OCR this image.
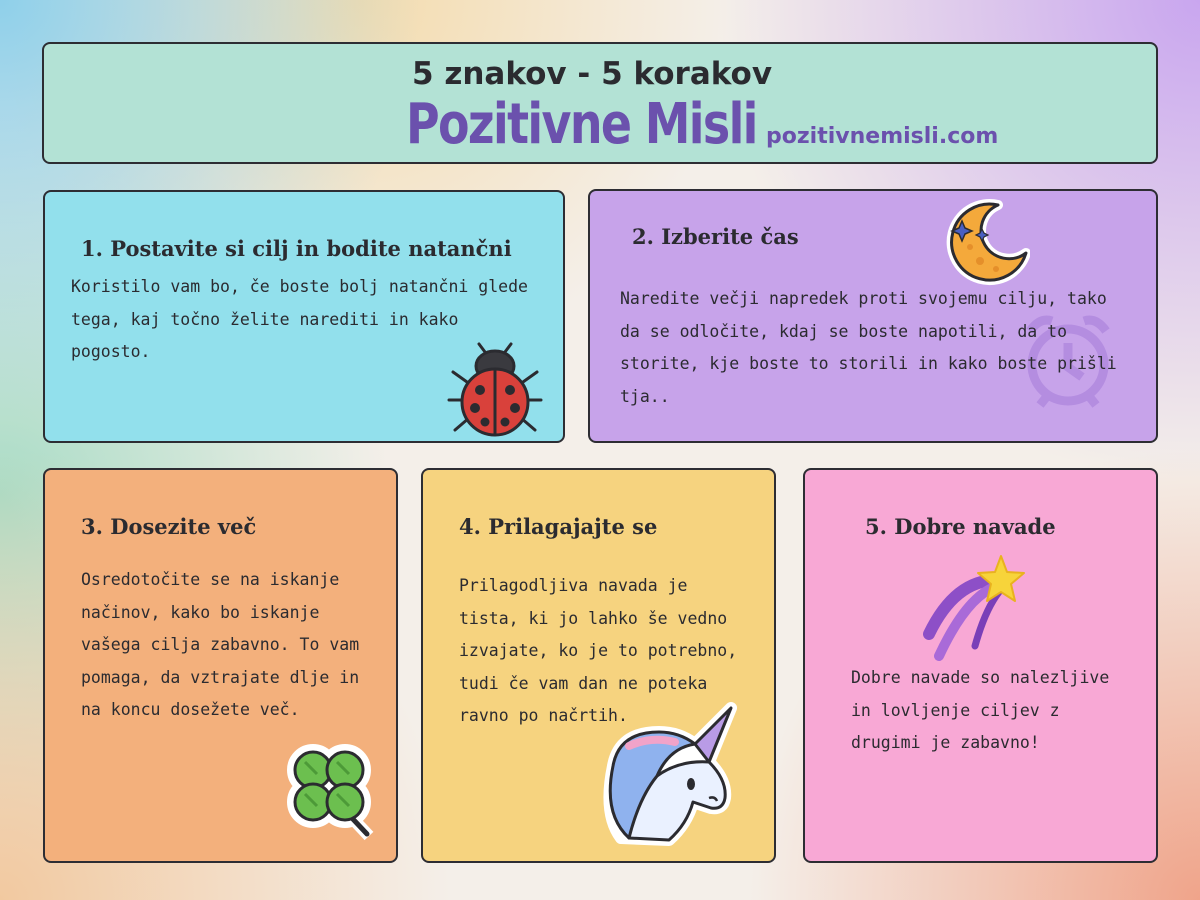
5 znakov - 5 korakov
Pozitivne Misli pozitivnemisli.com
1. Postavite si cilj in bodite natančni

Koristilo vam bo, če boste bolj natančni glede tega, kaj točno želite narediti in kako pogosto.

2. Izberite čas

Naredite večji napredek proti svojemu cilju, tako da se odločite, kdaj se boste napotili, da to storite, kje boste to storili in kako boste prišli tja..

3. Dosezite več

Osredotočite se na iskanje načinov, kako bo iskanje vašega cilja zabavno. To vam pomaga, da vztrajate dlje in na koncu dosežete več.

4. Prilagajajte se

Prilagodljiva navada je tista, ki jo lahko še vedno izvajate, ko je to potrebno, tudi če vam dan ne poteka ravno po načrtih.

5. Dobre navade

Dobre navade so nalezljive in lovljenje ciljev z drugimi je zabavno!
